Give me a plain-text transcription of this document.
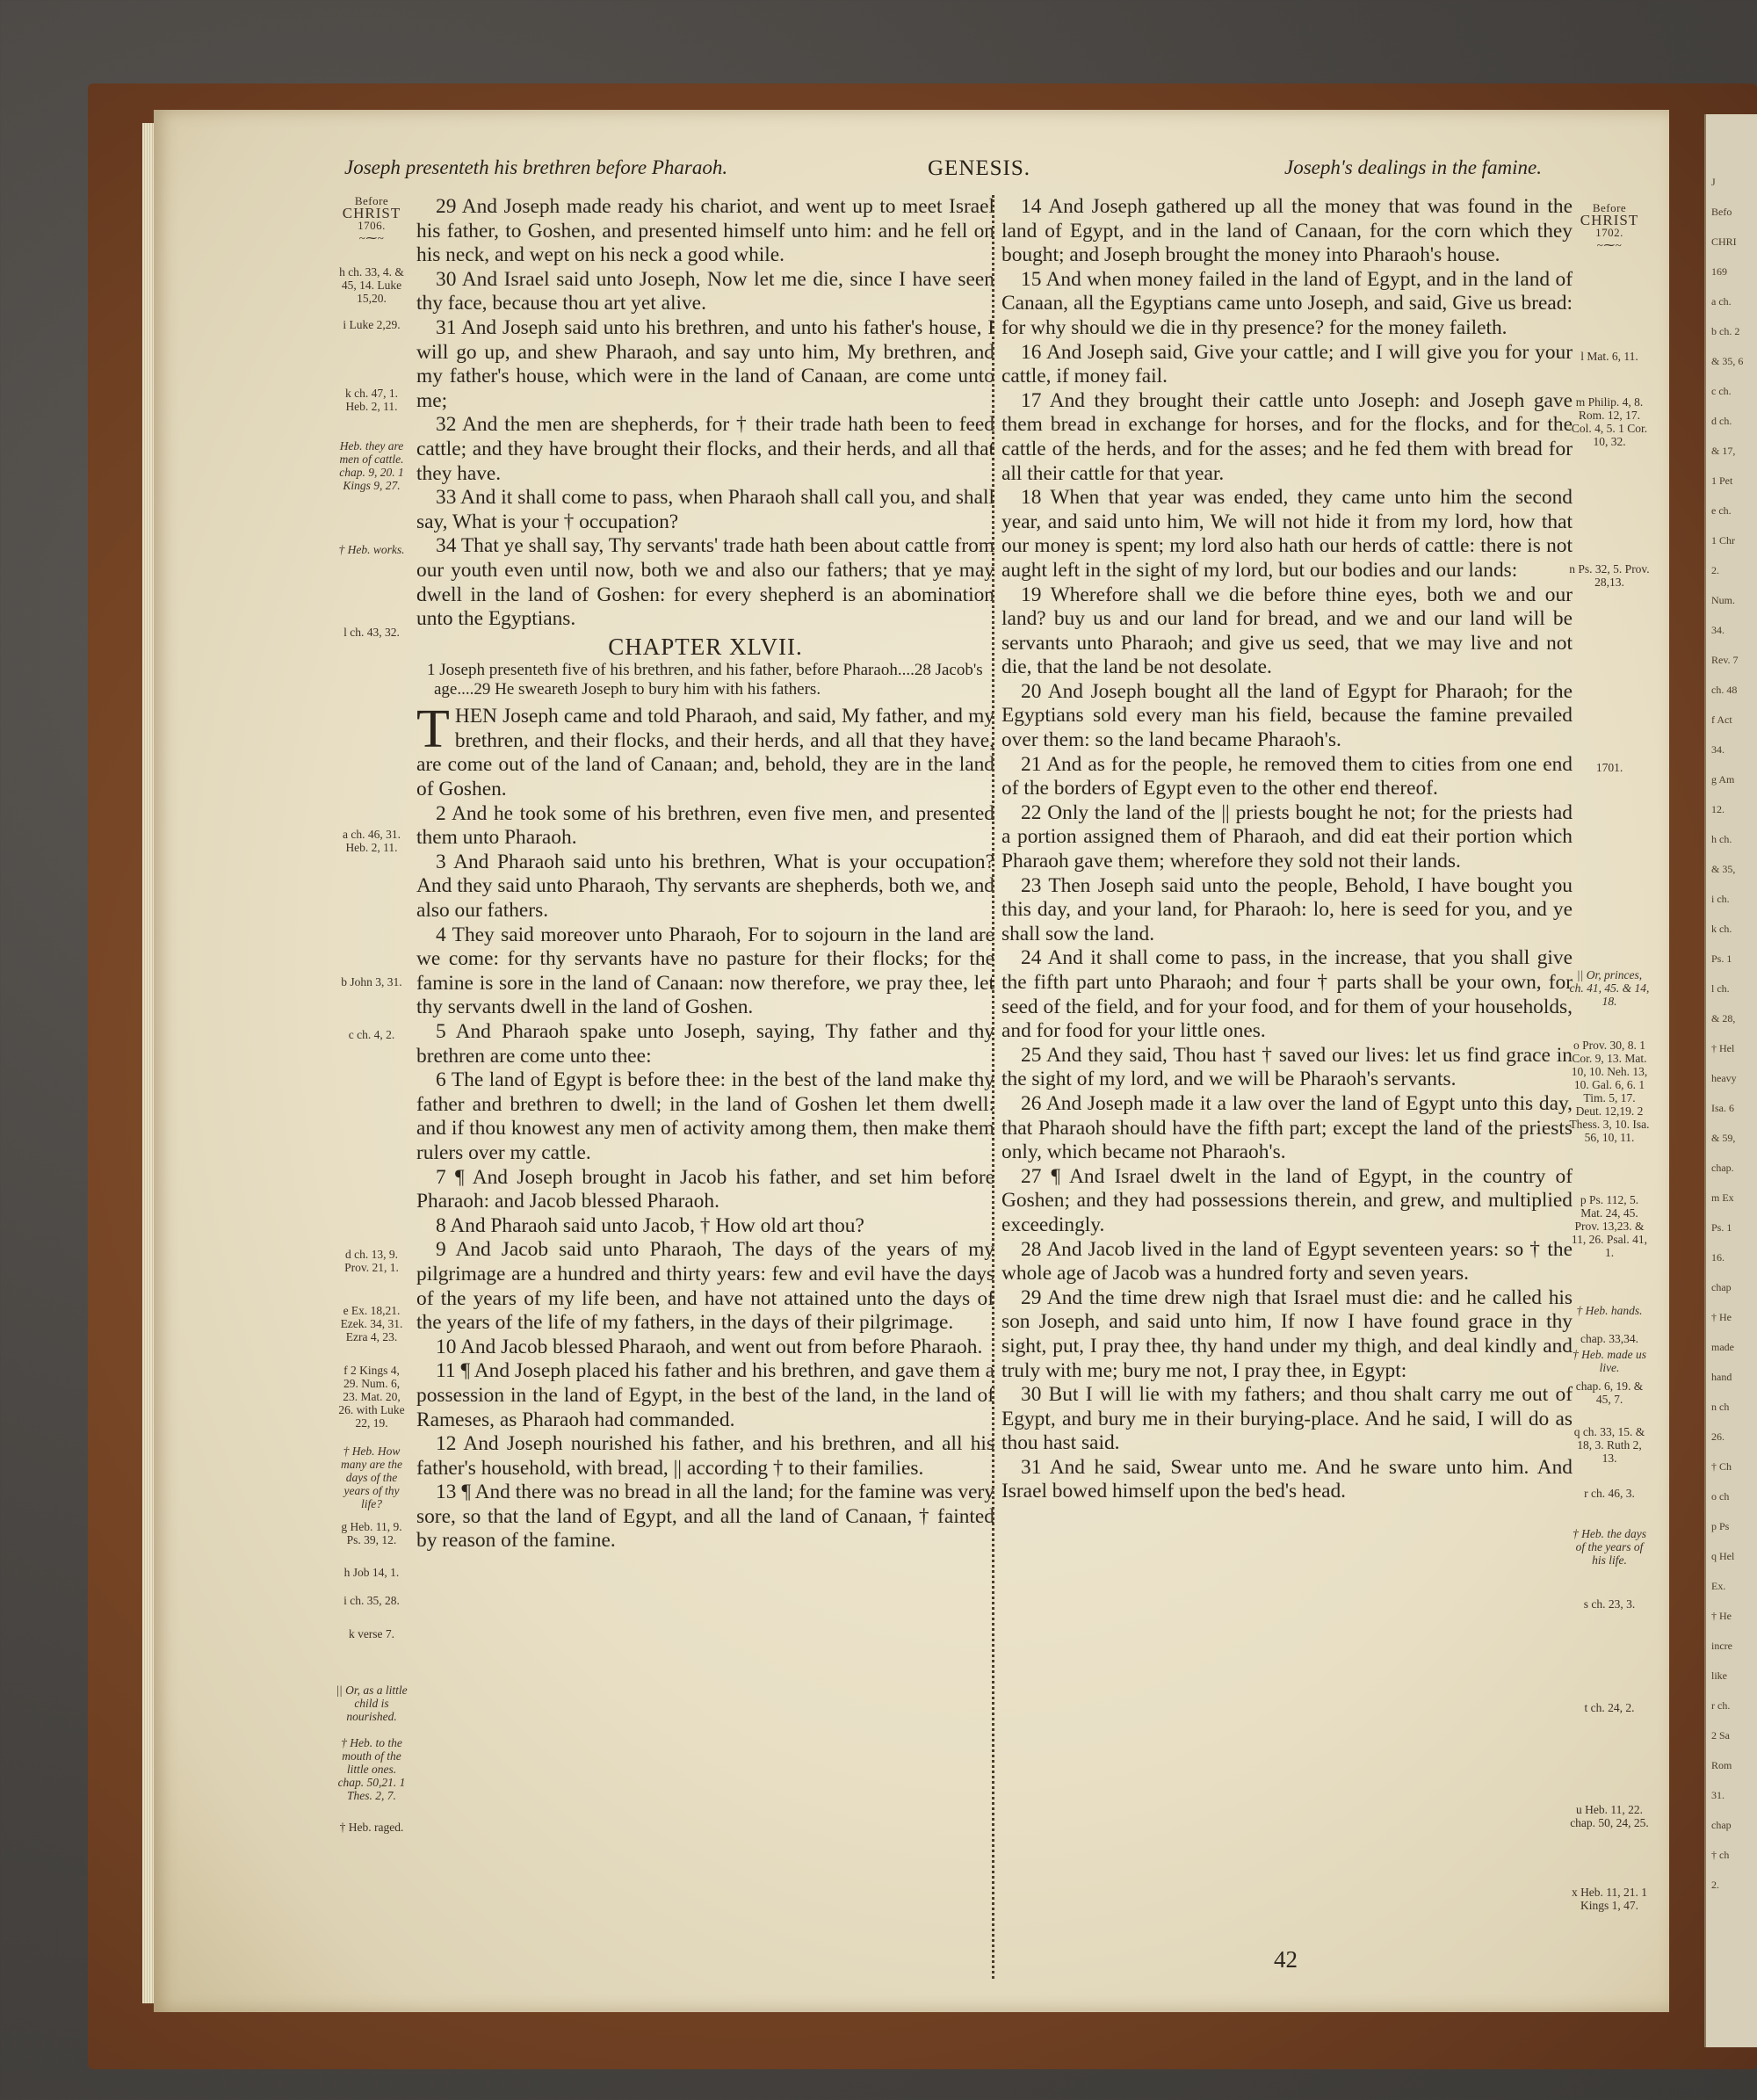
J
Befo
CHRI
169
a ch.
b ch. 2
& 35, 6
c ch.
d ch.
& 17,
1 Pet
e ch.
1 Chr
2.
Num.
34.
Rev. 7
ch. 48
f Act
34.
g Am
12.
h ch.
& 35,
i ch.
k ch.
Ps. 1
l ch.
& 28,
† Hel
heavy
Isa. 6
& 59,
chap.
m Ex
Ps. 1
16.
chap
† He
made
hand
n ch
26.
† Ch
o ch
p Ps
q Hel
Ex.
† He
incre
like
r ch.
2 Sa
Rom
31.
chap
† ch
2.
Joseph presenteth his brethren before Pharaoh.	GENESIS.	Joseph's dealings in the famine.
Before
CHRIST
1706.
~⁓~
h ch. 33, 4. & 45, 14. Luke 15,20.
i Luke 2,29.
k ch. 47, 1. Heb. 2, 11.
Heb. they are men of cattle. chap. 9, 20. 1 Kings 9, 27.
† Heb. works.
l ch. 43, 32.
a ch. 46, 31. Heb. 2, 11.
b John 3, 31.
c ch. 4, 2.
d ch. 13, 9. Prov. 21, 1.
e Ex. 18,21. Ezek. 34, 31. Ezra 4, 23.
f 2 Kings 4, 29. Num. 6, 23. Mat. 20, 26. with Luke 22, 19.
† Heb. How many are the days of the years of thy life?
g Heb. 11, 9. Ps. 39, 12.
h Job 14, 1.
i ch. 35, 28.
k verse 7.
|| Or, as a little child is nourished.
† Heb. to the mouth of the little ones. chap. 50,21. 1 Thes. 2, 7.
† Heb. raged.

29 And Joseph made ready his chariot, and went up to meet Israel his father, to Goshen, and presented himself unto him: and he fell on his neck, and wept on his neck a good while.

30 And Israel said unto Joseph, Now let me die, since I have seen thy face, because thou art yet alive.

31 And Joseph said unto his brethren, and unto his father's house, I will go up, and shew Pharaoh, and say unto him, My brethren, and my father's house, which were in the land of Canaan, are come unto me;

32 And the men are shepherds, for † their trade hath been to feed cattle; and they have brought their flocks, and their herds, and all that they have.

33 And it shall come to pass, when Pharaoh shall call you, and shall say, What is your † occupation?

34 That ye shall say, Thy servants' trade hath been about cattle from our youth even until now, both we and also our fathers; that ye may dwell in the land of Goshen: for every shepherd is an abomination unto the Egyptians.

CHAPTER XLVII.
1 Joseph presenteth five of his brethren, and his father, before Pharaoh....28 Jacob's age....29 He sweareth Joseph to bury him with his fathers.

THEN Joseph came and told Pharaoh, and said, My father, and my brethren, and their flocks, and their herds, and all that they have, are come out of the land of Canaan; and, behold, they are in the land of Goshen.

2 And he took some of his brethren, even five men, and presented them unto Pharaoh.

3 And Pharaoh said unto his brethren, What is your occupation? And they said unto Pharaoh, Thy servants are shepherds, both we, and also our fathers.

4 They said moreover unto Pharaoh, For to sojourn in the land are we come: for thy servants have no pasture for their flocks; for the famine is sore in the land of Canaan: now therefore, we pray thee, let thy servants dwell in the land of Goshen.

5 And Pharaoh spake unto Joseph, saying, Thy father and thy brethren are come unto thee:

6 The land of Egypt is before thee: in the best of the land make thy father and brethren to dwell; in the land of Goshen let them dwell: and if thou knowest any men of activity among them, then make them rulers over my cattle.

7 ¶ And Joseph brought in Jacob his father, and set him before Pharaoh: and Jacob blessed Pharaoh.

8 And Pharaoh said unto Jacob, † How old art thou?

9 And Jacob said unto Pharaoh, The days of the years of my pilgrimage are a hundred and thirty years: few and evil have the days of the years of my life been, and have not attained unto the days of the years of the life of my fathers, in the days of their pilgrimage.

10 And Jacob blessed Pharaoh, and went out from before Pharaoh.

11 ¶ And Joseph placed his father and his brethren, and gave them a possession in the land of Egypt, in the best of the land, in the land of Rameses, as Pharaoh had commanded.

12 And Joseph nourished his father, and his brethren, and all his father's household, with bread, || according † to their families.

13 ¶ And there was no bread in all the land; for the famine was very sore, so that the land of Egypt, and all the land of Canaan, † fainted by reason of the famine.

14 And Joseph gathered up all the money that was found in the land of Egypt, and in the land of Canaan, for the corn which they bought; and Joseph brought the money into Pharaoh's house.

15 And when money failed in the land of Egypt, and in the land of Canaan, all the Egyptians came unto Joseph, and said, Give us bread: for why should we die in thy presence? for the money faileth.

16 And Joseph said, Give your cattle; and I will give you for your cattle, if money fail.

17 And they brought their cattle unto Joseph: and Joseph gave them bread in exchange for horses, and for the flocks, and for the cattle of the herds, and for the asses; and he fed them with bread for all their cattle for that year.

18 When that year was ended, they came unto him the second year, and said unto him, We will not hide it from my lord, how that our money is spent; my lord also hath our herds of cattle: there is not aught left in the sight of my lord, but our bodies and our lands:

19 Wherefore shall we die before thine eyes, both we and our land? buy us and our land for bread, and we and our land will be servants unto Pharaoh; and give us seed, that we may live and not die, that the land be not desolate.

20 And Joseph bought all the land of Egypt for Pharaoh; for the Egyptians sold every man his field, because the famine prevailed over them: so the land became Pharaoh's.

21 And as for the people, he removed them to cities from one end of the borders of Egypt even to the other end thereof.

22 Only the land of the || priests bought he not; for the priests had a portion assigned them of Pharaoh, and did eat their portion which Pharaoh gave them; wherefore they sold not their lands.

23 Then Joseph said unto the people, Behold, I have bought you this day, and your land, for Pharaoh: lo, here is seed for you, and ye shall sow the land.

24 And it shall come to pass, in the increase, that you shall give the fifth part unto Pharaoh; and four † parts shall be your own, for seed of the field, and for your food, and for them of your households, and for food for your little ones.

25 And they said, Thou hast † saved our lives: let us find grace in the sight of my lord, and we will be Pharaoh's servants.

26 And Joseph made it a law over the land of Egypt unto this day, that Pharaoh should have the fifth part; except the land of the priests only, which became not Pharaoh's.

27 ¶ And Israel dwelt in the land of Egypt, in the country of Goshen; and they had possessions therein, and grew, and multiplied exceedingly.

28 And Jacob lived in the land of Egypt seventeen years: so † the whole age of Jacob was a hundred forty and seven years.

29 And the time drew nigh that Israel must die: and he called his son Joseph, and said unto him, If now I have found grace in thy sight, put, I pray thee, thy hand under my thigh, and deal kindly and truly with me; bury me not, I pray thee, in Egypt:

30 But I will lie with my fathers; and thou shalt carry me out of Egypt, and bury me in their burying-place. And he said, I will do as thou hast said.

31 And he said, Swear unto me. And he sware unto him. And Israel bowed himself upon the bed's head.

Before
CHRIST
1702.
~⁓~
l Mat. 6, 11.
m Philip. 4, 8. Rom. 12, 17. Col. 4, 5. 1 Cor. 10, 32.
n Ps. 32, 5. Prov. 28,13.
1701.
|| Or, princes, ch. 41, 45. & 14, 18.
o Prov. 30, 8. 1 Cor. 9, 13. Mat. 10, 10. Neh. 13, 10. Gal. 6, 6. 1 Tim. 5, 17. Deut. 12,19. 2 Thess. 3, 10. Isa. 56, 10, 11.
p Ps. 112, 5. Mat. 24, 45. Prov. 13,23. & 11, 26. Psal. 41, 1.
† Heb. hands.
chap. 33,34.
† Heb. made us live.
chap. 6, 19. & 45, 7.
q ch. 33, 15. & 18, 3. Ruth 2, 13.
r ch. 46, 3.
† Heb. the days of the years of his life.
s ch. 23, 3.
t ch. 24, 2.
u Heb. 11, 22. chap. 50, 24, 25.
x Heb. 11, 21. 1 Kings 1, 47.
42
